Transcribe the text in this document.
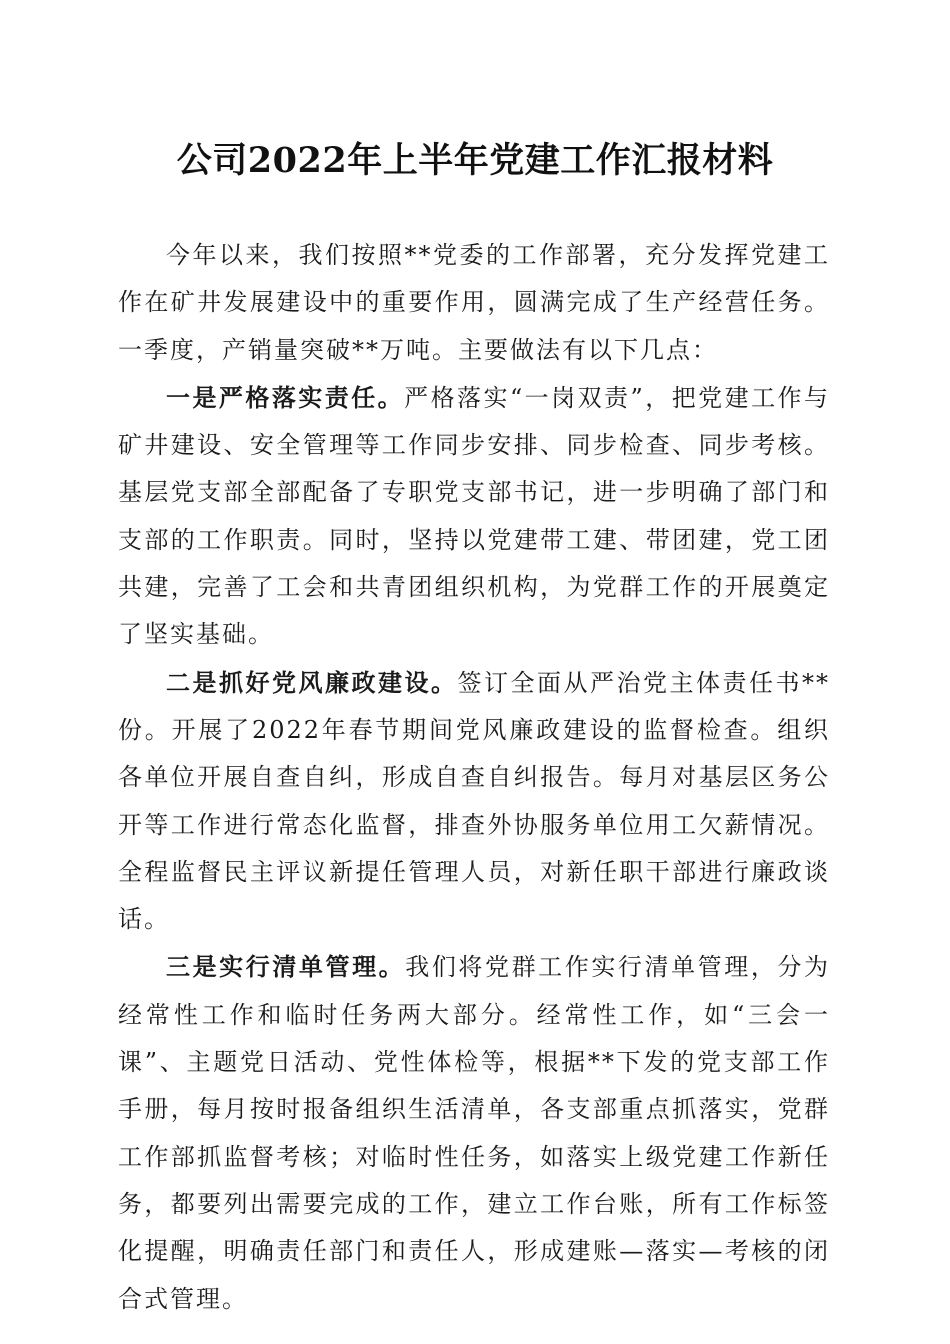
公司2022年上半年党建工作汇报材料

今年以来，我们按照**党委的工作部署，充分发挥党建工作在矿井发展建设中的重要作用，圆满完成了生产经营任务。一季度，产销量突破**万吨。主要做法有以下几点：

一是严格落实责任。严格落实“一岗双责”，把党建工作与矿井建设、安全管理等工作同步安排、同步检查、同步考核。基层党支部全部配备了专职党支部书记，进一步明确了部门和支部的工作职责。同时，坚持以党建带工建、带团建，党工团共建，完善了工会和共青团组织机构，为党群工作的开展奠定了坚实基础。

二是抓好党风廉政建设。签订全面从严治党主体责任书**份。开展了2022年春节期间党风廉政建设的监督检查。组织各单位开展自查自纠，形成自查自纠报告。每月对基层区务公开等工作进行常态化监督，排查外协服务单位用工欠薪情况。全程监督民主评议新提任管理人员，对新任职干部进行廉政谈话。

三是实行清单管理。我们将党群工作实行清单管理，分为经常性工作和临时任务两大部分。经常性工作，如“三会一课”、主题党日活动、党性体检等，根据**下发的党支部工作手册，每月按时报备组织生活清单，各支部重点抓落实，党群工作部抓监督考核；对临时性任务，如落实上级党建工作新任务，都要列出需要完成的工作，建立工作台账，所有工作标签化提醒，明确责任部门和责任人，形成建账—落实—考核的闭合式管理。
